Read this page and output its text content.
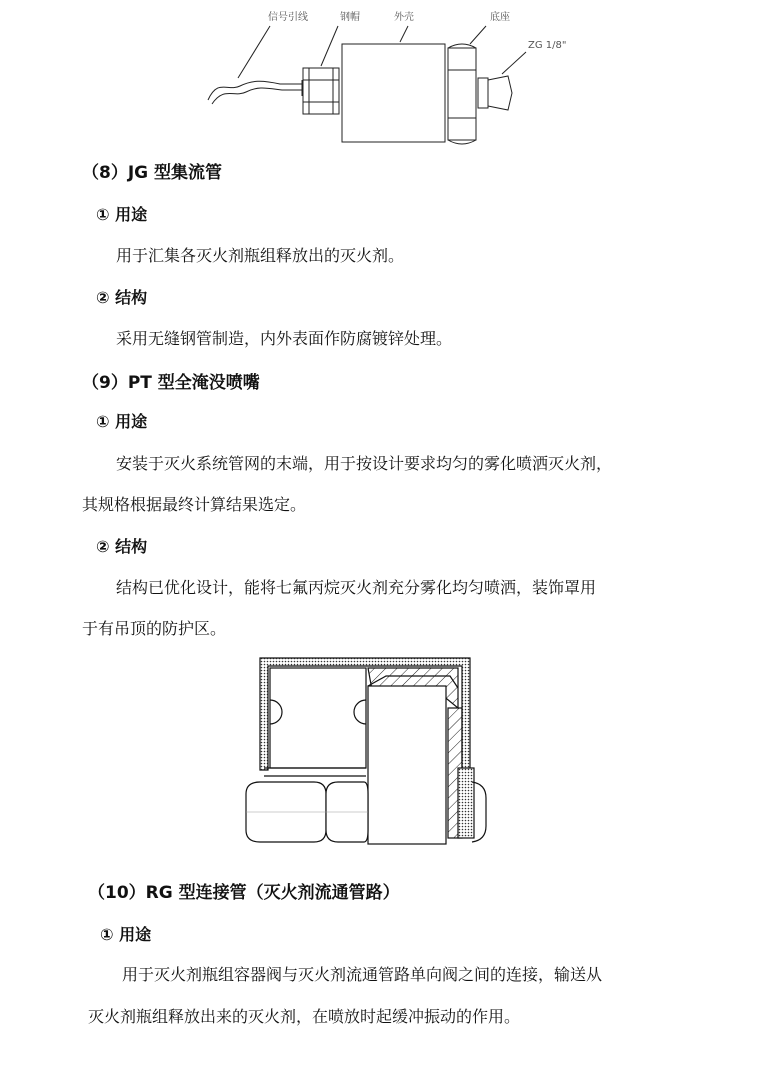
信号引线	钢帽	外壳	底座
ZG 1/8"
（8）JG 型集流管
① 用途
用于汇集各灭火剂瓶组释放出的灭火剂。
② 结构
采用无缝钢管制造，内外表面作防腐镀锌处理。
（9）PT 型全淹没喷嘴
① 用途
安装于灭火系统管网的末端，用于按设计要求均匀的雾化喷洒灭火剂，
其规格根据最终计算结果选定。
② 结构
结构已优化设计，能将七氟丙烷灭火剂充分雾化均匀喷洒，装饰罩用
于有吊顶的防护区。
（10）RG 型连接管（灭火剂流通管路）
① 用途
用于灭火剂瓶组容器阀与灭火剂流通管路单向阀之间的连接，输送从
灭火剂瓶组释放出来的灭火剂，在喷放时起缓冲振动的作用。
